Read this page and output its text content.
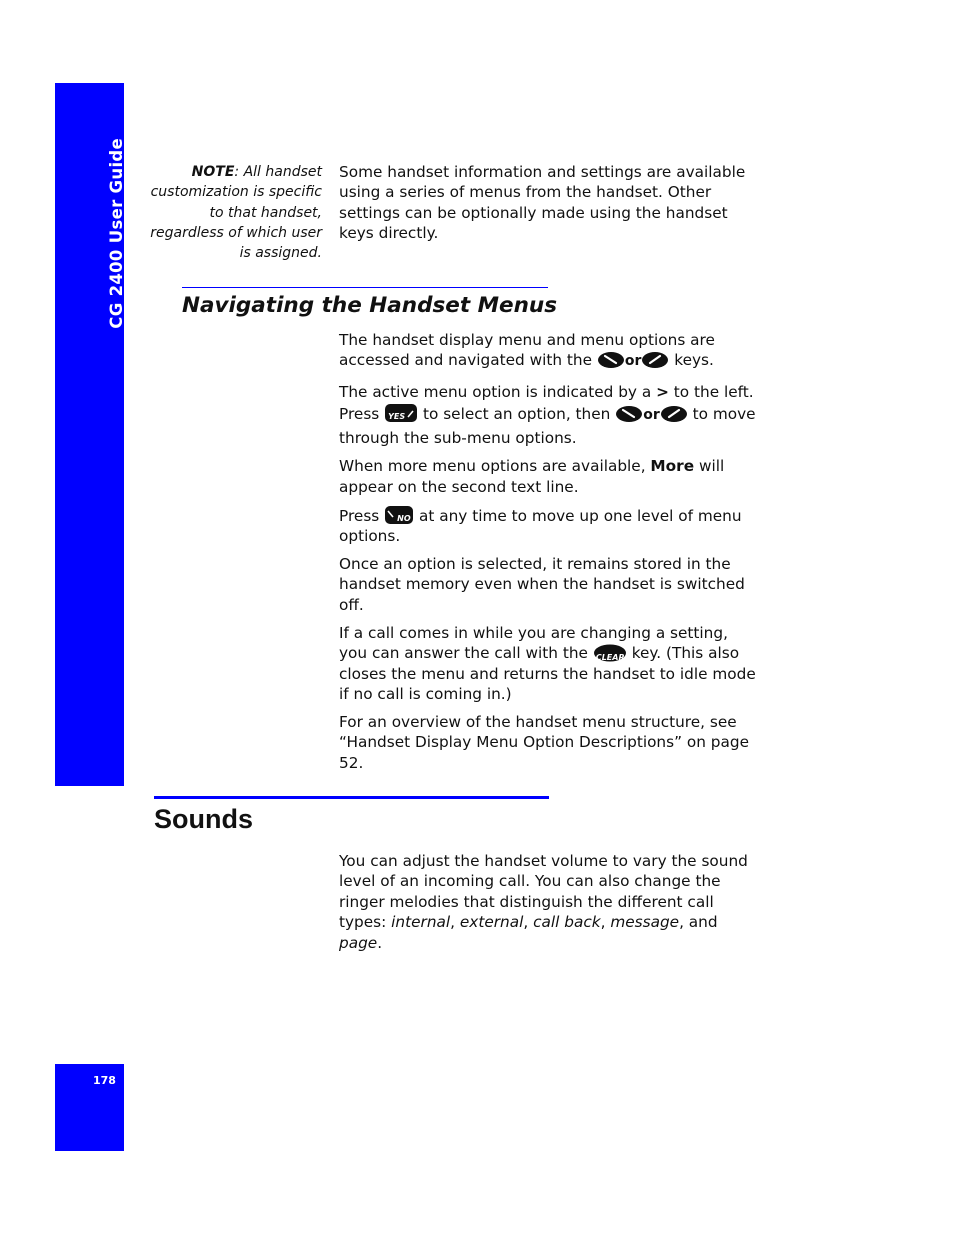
CG 2400 User Guide
178
NOTE: All handset customization is specific to that handset, regardless of which user is assigned.

Some handset information and settings are available using a series of menus from the handset. Other settings can be optionally made using the handset keys directly.

Navigating the Handset Menus

The handset display menu and menu options are accessed and navigated with the or keys.

The active menu option is indicated by a > to the left. Press YES to select an option, then or to move through the sub-menu options.

When more menu options are available, More will appear on the second text line.

Press NO at any time to move up one level of menu options.

Once an option is selected, it remains stored in the handset memory even when the handset is switched off.

If a call comes in while you are changing a setting, you can answer the call with the CLEAR key. (This also closes the menu and returns the handset to idle mode if no call is coming in.)

For an overview of the handset menu structure, see “Handset Display Menu Option Descriptions” on page 52.

Sounds

You can adjust the handset volume to vary the sound level of an incoming call. You can also change the ringer melodies that distinguish the different call types: internal, external, call back, message, and page.
